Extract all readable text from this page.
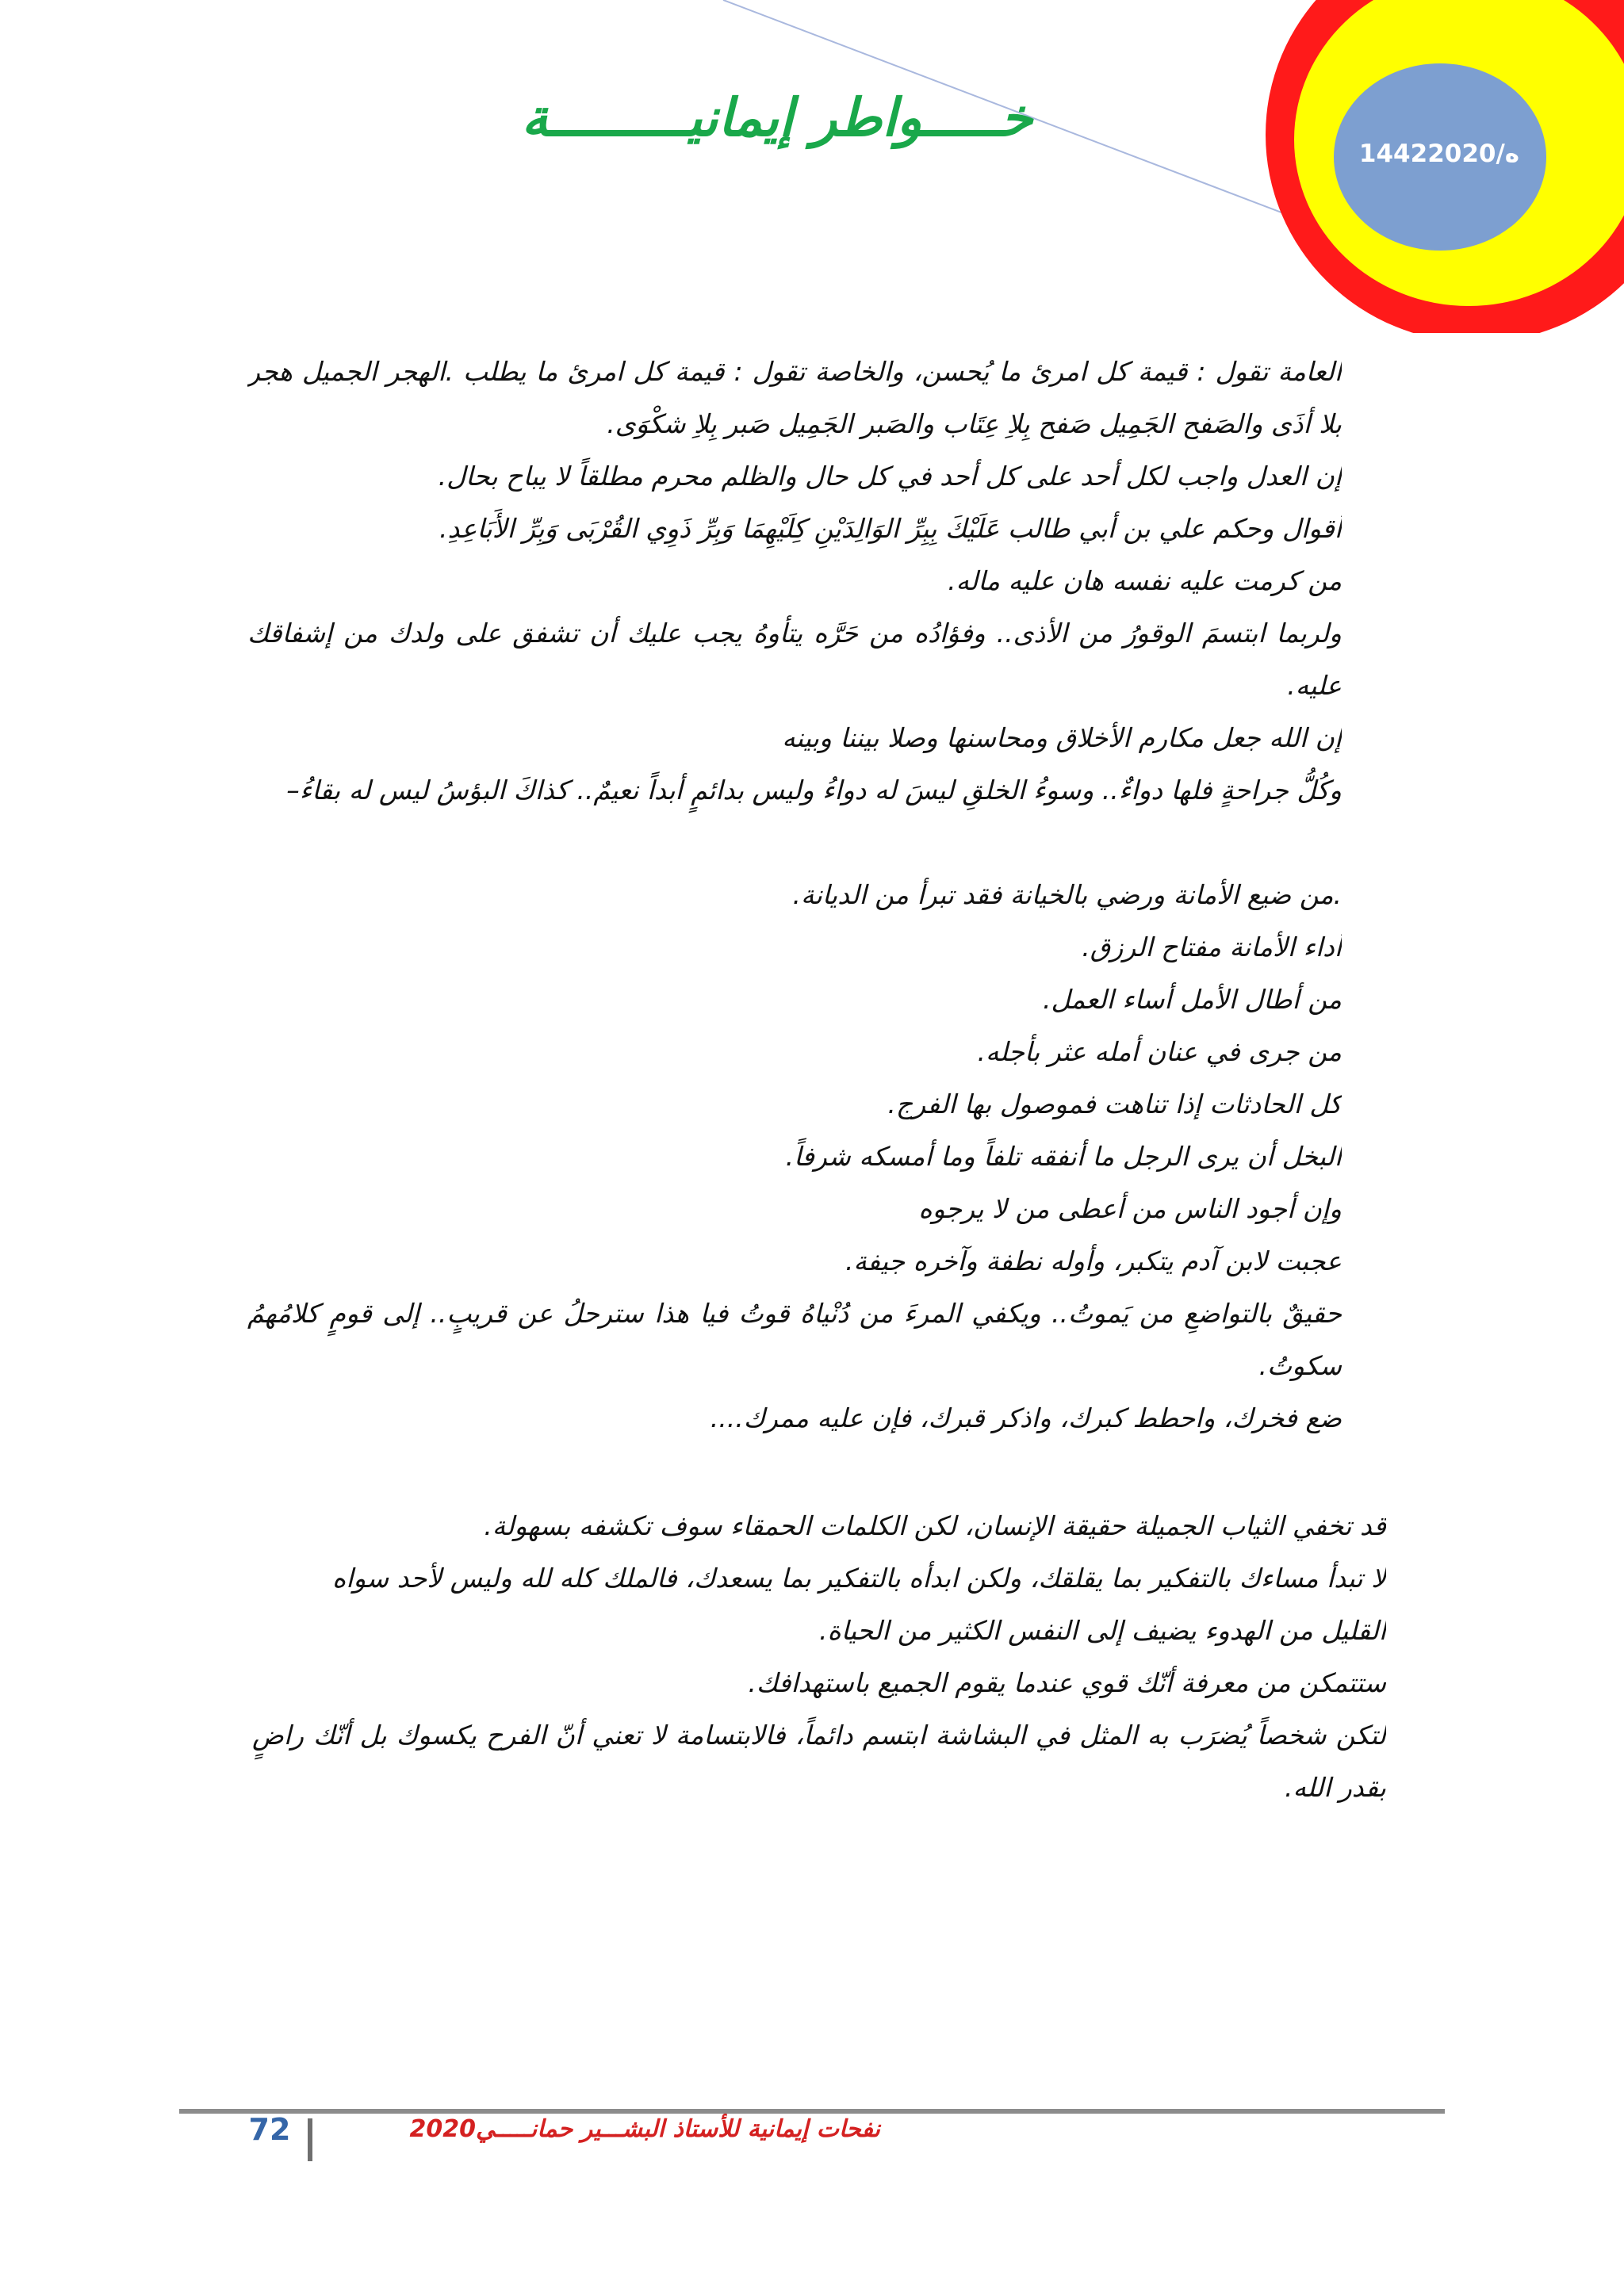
خـــــواطر إيمانيـــــــــة
1442ه/2020
العامة تقول : قيمة كل امرئ ما يُحسن، والخاصة تقول : قيمة كل امرئ ما يطلب .الهجر الجميل هجر بلا أذَى والصَفح الجَمِيل صَفح بِلاِ عِتَاب والصَبر الجَمِيل صَبر بِلاِ شكْوَى.
إن العدل واجب لكل أحد على كل أحد في كل حال والظلم محرم مطلقاً لا يباح بحال.
أقوال وحكم علي بن أبي طالب عَلَيْكَ بِبِرِّ الوَالِدَيْنِ كِلَيْهِمَا وَبِرِّ ذَوِي القُرْبَى وَبِرِّ الأَبَاعِدِ.
من كرمت عليه نفسه هان عليه ماله.
ولربما ابتسمَ الوقورُ من الأذى.. وفؤادُه من حَرَّه يتأوهُ يجب عليك أن تشفق على ولدك من إشفاقك عليه.
إن الله جعل مكارم الأخلاق ومحاسنها وصلا بيننا وبينه
وكُلُّ جراحةٍ فلها دواءٌ.. وسوءُ الخلقِ ليسَ له دواءُ وليس بدائمٍ أبداً نعيمٌ.. كذاكَ البؤسُ ليس له بقاءُ–
.من ضيع الأمانة ورضي بالخيانة فقد تبرأ من الديانة.
أداء الأمانة مفتاح الرزق.
من أطال الأمل أساء العمل.
من جرى في عنان أمله عثر بأجله.
كل الحادثات إذا تناهت فموصول بها الفرج.
البخل أن يرى الرجل ما أنفقه تلفاً وما أمسكه شرفاً.
وإن أجود الناس من أعطى من لا يرجوه
عجبت لابن آدم يتكبر، وأوله نطفة وآخره جيفة.
حقيقٌ بالتواضعِ من يَموتُ.. ويكفي المرءَ من دُنْياهُ قوتُ فيا هذا سترحلُ عن قريبٍ.. إلى قومٍ كلامُهمُ سكوتُ.
ضع فخرك، واحطط كبرك، واذكر قبرك، فإن عليه ممرك....
قد تخفي الثياب الجميلة حقيقة الإنسان، لكن الكلمات الحمقاء سوف تكشفه بسهولة.
لا تبدأ مساءك بالتفكير بما يقلقك، ولكن ابدأه بالتفكير بما يسعدك، فالملك كله لله وليس لأحد سواه
القليل من الهدوء يضيف إلى النفس الكثير من الحياة.
ستتمكن من معرفة أنّك قوي عندما يقوم الجميع باستهدافك.
لتكن شخصاً يُضرَب به المثل في البشاشة ابتسم دائماً، فالابتسامة لا تعني أنّ الفرح يكسوك بل أنّك راضٍ بقدر الله.
72	نفحات إيمانية للأستاذ البشـــير حمانـــــي2020
